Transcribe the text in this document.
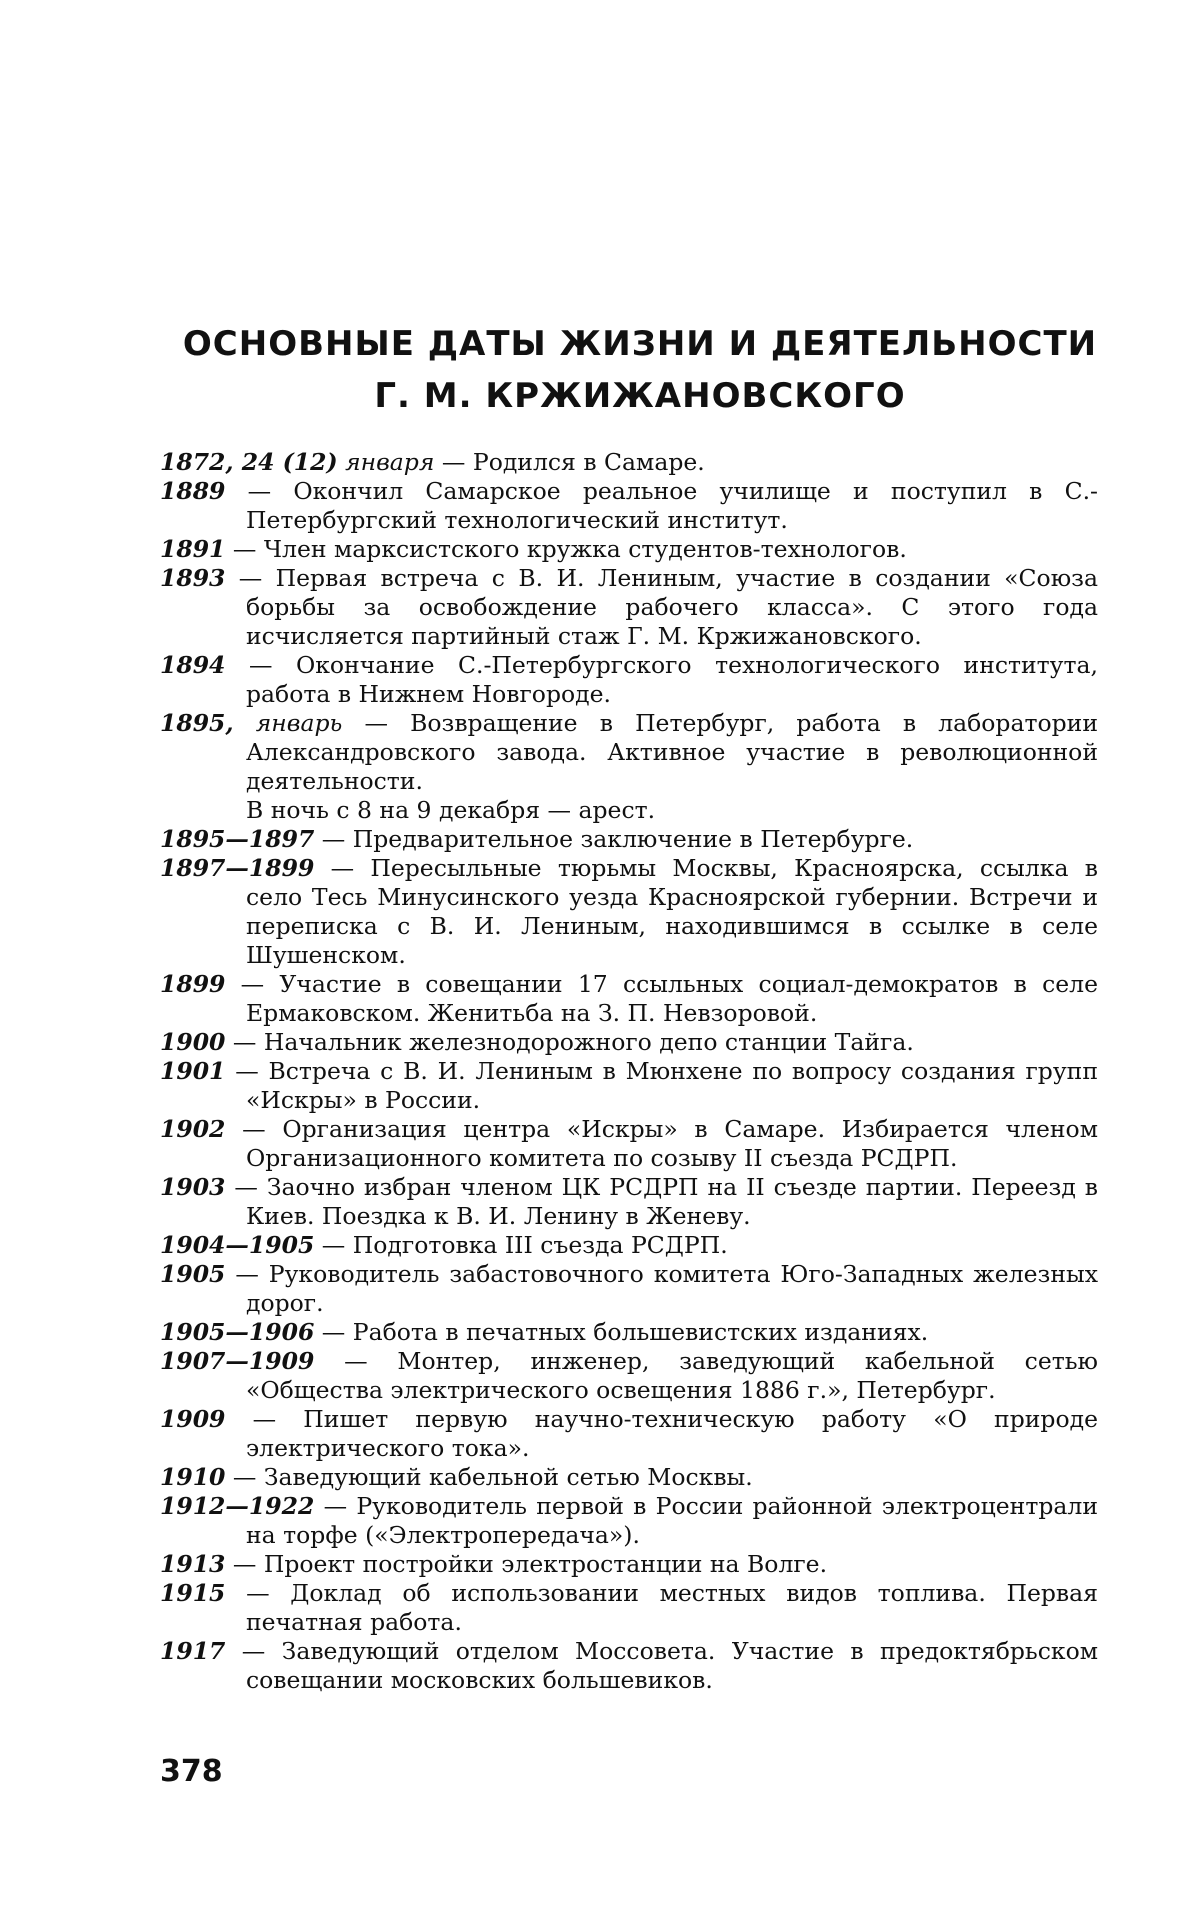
ОСНОВНЫЕ ДАТЫ ЖИЗНИ И ДЕЯТЕЛЬНОСТИ
Г. М. КРЖИЖАНОВСКОГО
1872, 24 (12) января — Родился в Самаре.
1889 — Окончил Самарское реальное училище и поступил в С.-Петербургский технологический институт.
1891 — Член марксистского кружка студентов-технологов.
1893 — Первая встреча с В. И. Лениным, участие в создании «Союза борьбы за освобождение рабочего класса». С этого года исчисляется партийный стаж Г. М. Кржижановского.
1894 — Окончание С.-Петербургского технологического института, работа в Нижнем Новгороде.
1895, январь — Возвращение в Петербург, работа в лаборатории Александровского завода. Активное участие в революционной деятельности.
В ночь с 8 на 9 декабря — арест.
1895—1897 — Предварительное заключение в Петербурге.
1897—1899 — Пересыльные тюрьмы Москвы, Красноярска, ссылка в село Тесь Минусинского уезда Красноярской губернии. Встречи и переписка с В. И. Лениным, находившимся в ссылке в селе Шушенском.
1899 — Участие в совещании 17 ссыльных социал-демократов в селе Ермаковском. Женитьба на З. П. Невзоровой.
1900 — Начальник железнодорожного депо станции Тайга.
1901 — Встреча с В. И. Лениным в Мюнхене по вопросу создания групп «Искры» в России.
1902 — Организация центра «Искры» в Самаре. Избирается членом Организационного комитета по созыву II съезда РСДРП.
1903 — Заочно избран членом ЦК РСДРП на II съезде партии. Переезд в Киев. Поездка к В. И. Ленину в Женеву.
1904—1905 — Подготовка III съезда РСДРП.
1905 — Руководитель забастовочного комитета Юго-Западных железных дорог.
1905—1906 — Работа в печатных большевистских изданиях.
1907—1909 — Монтер, инженер, заведующий кабельной сетью «Общества электрического освещения 1886 г.», Петербург.
1909 — Пишет первую научно-техническую работу «О природе электрического тока».
1910 — Заведующий кабельной сетью Москвы.
1912—1922 — Руководитель первой в России районной электроцентрали на торфе («Электропередача»).
1913 — Проект постройки электростанции на Волге.
1915 — Доклад об использовании местных видов топлива. Первая печатная работа.
1917 — Заведующий отделом Моссовета. Участие в предоктябрьском совещании московских большевиков.

378
